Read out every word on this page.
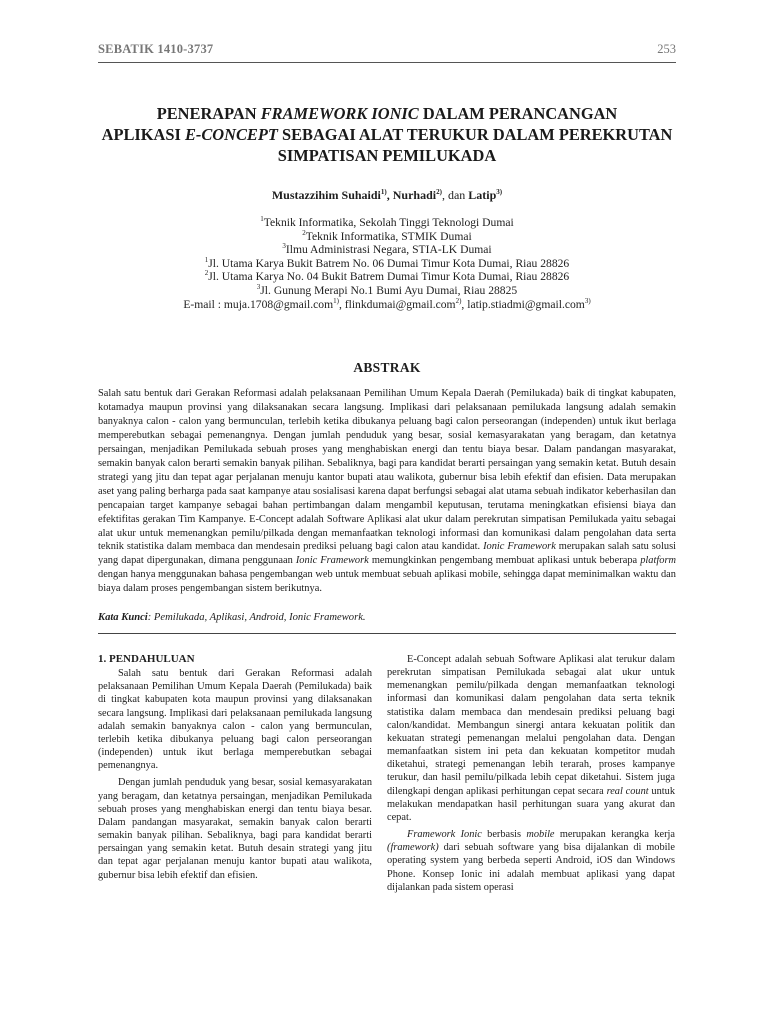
SEBATIK 1410-3737	253
PENERAPAN FRAMEWORK IONIC DALAM PERANCANGAN
APLIKASI E-CONCEPT SEBAGAI ALAT TERUKUR DALAM PEREKRUTAN
SIMPATISAN PEMILUKADA
Mustazzihim Suhaidi$^{1)}$, Nurhadi$^{2)}$, dan Latip$^{3)}$
$^1$Teknik Informatika, Sekolah Tinggi Teknologi Dumai
$^2$Teknik Informatika, STMIK Dumai
$^3$Ilmu Administrasi Negara, STIA-LK Dumai
$^1$Jl. Utama Karya Bukit Batrem No. 06 Dumai Timur Kota Dumai, Riau 28826
$^2$Jl. Utama Karya No. 04 Bukit Batrem Dumai Timur Kota Dumai, Riau 28826
$^3$Jl. Gunung Merapi No.1 Bumi Ayu Dumai, Riau 28825
E-mail : muja.1708@gmail.com$^{1)}$, flinkdumai@gmail.com$^{2)}$, latip.stiadmi@gmail.com$^{3)}$
ABSTRAK
Salah satu bentuk dari Gerakan Reformasi adalah pelaksanaan Pemilihan Umum Kepala Daerah (Pemilukada) baik di tingkat kabupaten, kotamadya maupun provinsi yang dilaksanakan secara langsung. Implikasi dari pelaksanaan pemilukada langsung adalah semakin banyaknya calon - calon yang bermunculan, terlebih ketika dibukanya peluang bagi calon perseorangan (independen) untuk ikut berlaga memperebutkan sebagai pemenangnya. Dengan jumlah penduduk yang besar, sosial kemasyarakatan yang beragam, dan ketatnya persaingan, menjadikan Pemilukada sebuah proses yang menghabiskan energi dan tentu biaya besar. Dalam pandangan masyarakat, semakin banyak calon berarti semakin banyak pilihan. Sebaliknya, bagi para kandidat berarti persaingan yang semakin ketat. Butuh desain strategi yang jitu dan tepat agar perjalanan menuju kantor bupati atau walikota, gubernur bisa lebih efektif dan efisien. Data merupakan aset yang paling berharga pada saat kampanye atau sosialisasi karena dapat berfungsi sebagai alat utama sebuah indikator keberhasilan dan pencapaian target kampanye sebagai bahan pertimbangan dalam mengambil keputusan, terutama meningkatkan efisiensi biaya dan efektifitas gerakan Tim Kampanye. E-Concept adalah Software Aplikasi alat ukur dalam perekrutan simpatisan Pemilukada yaitu sebagai alat ukur untuk memenangkan pemilu/pilkada dengan memanfaatkan teknologi informasi dan komunikasi dalam pengolahan data serta teknik statistika dalam membaca dan mendesain prediksi peluang bagi calon atau kandidat. Ionic Framework merupakan salah satu solusi yang dapat dipergunakan, dimana penggunaan Ionic Framework memungkinkan pengembang membuat aplikasi untuk beberapa platform dengan hanya menggunakan bahasa pengembangan web untuk membuat sebuah aplikasi mobile, sehingga dapat meminimalkan waktu dan biaya dalam proses pengembangan sistem berikutnya.
Kata Kunci: Pemilukada, Aplikasi, Android, Ionic Framework.
1. PENDAHULUAN

Salah satu bentuk dari Gerakan Reformasi adalah pelaksanaan Pemilihan Umum Kepala Daerah (Pemilukada) baik di tingkat kabupaten kota maupun provinsi yang dilaksanakan secara langsung. Implikasi dari pelaksanaan pemilukada langsung adalah semakin banyaknya calon - calon yang bermunculan, terlebih ketika dibukanya peluang bagi calon perseorangan (independen) untuk ikut berlaga memperebutkan sebagai pemenangnya.

Dengan jumlah penduduk yang besar, sosial kemasyarakatan yang beragam, dan ketatnya persaingan, menjadikan Pemilukada sebuah proses yang menghabiskan energi dan tentu biaya besar. Dalam pandangan masyarakat, semakin banyak calon berarti semakin banyak pilihan. Sebaliknya, bagi para kandidat berarti persaingan yang semakin ketat. Butuh desain strategi yang jitu dan tepat agar perjalanan menuju kantor bupati atau walikota, gubernur bisa lebih efektif dan efisien.

E-Concept adalah sebuah Software Aplikasi alat terukur dalam perekrutan simpatisan Pemilukada sebagai alat ukur untuk memenangkan pemilu/pilkada dengan memanfaatkan teknologi informasi dan komunikasi dalam pengolahan data serta teknik statistika dalam membaca dan mendesain prediksi peluang bagi calon/kandidat. Membangun sinergi antara kekuatan politik dan kekuatan strategi pemenangan melalui pengolahan data. Dengan memanfaatkan sistem ini peta dan kekuatan kompetitor mudah diketahui, strategi pemenangan lebih terarah, proses kampanye terukur, dan hasil pemilu/pilkada lebih cepat diketahui. Sistem juga dilengkapi dengan aplikasi perhitungan cepat secara real count untuk melakukan mendapatkan hasil perhitungan suara yang akurat dan cepat.

Framework Ionic berbasis mobile merupakan kerangka kerja (framework) dari sebuah software yang bisa dijalankan di mobile operating system yang berbeda seperti Android, iOS dan Windows Phone. Konsep Ionic ini adalah membuat aplikasi yang dapat dijalankan pada sistem operasi
